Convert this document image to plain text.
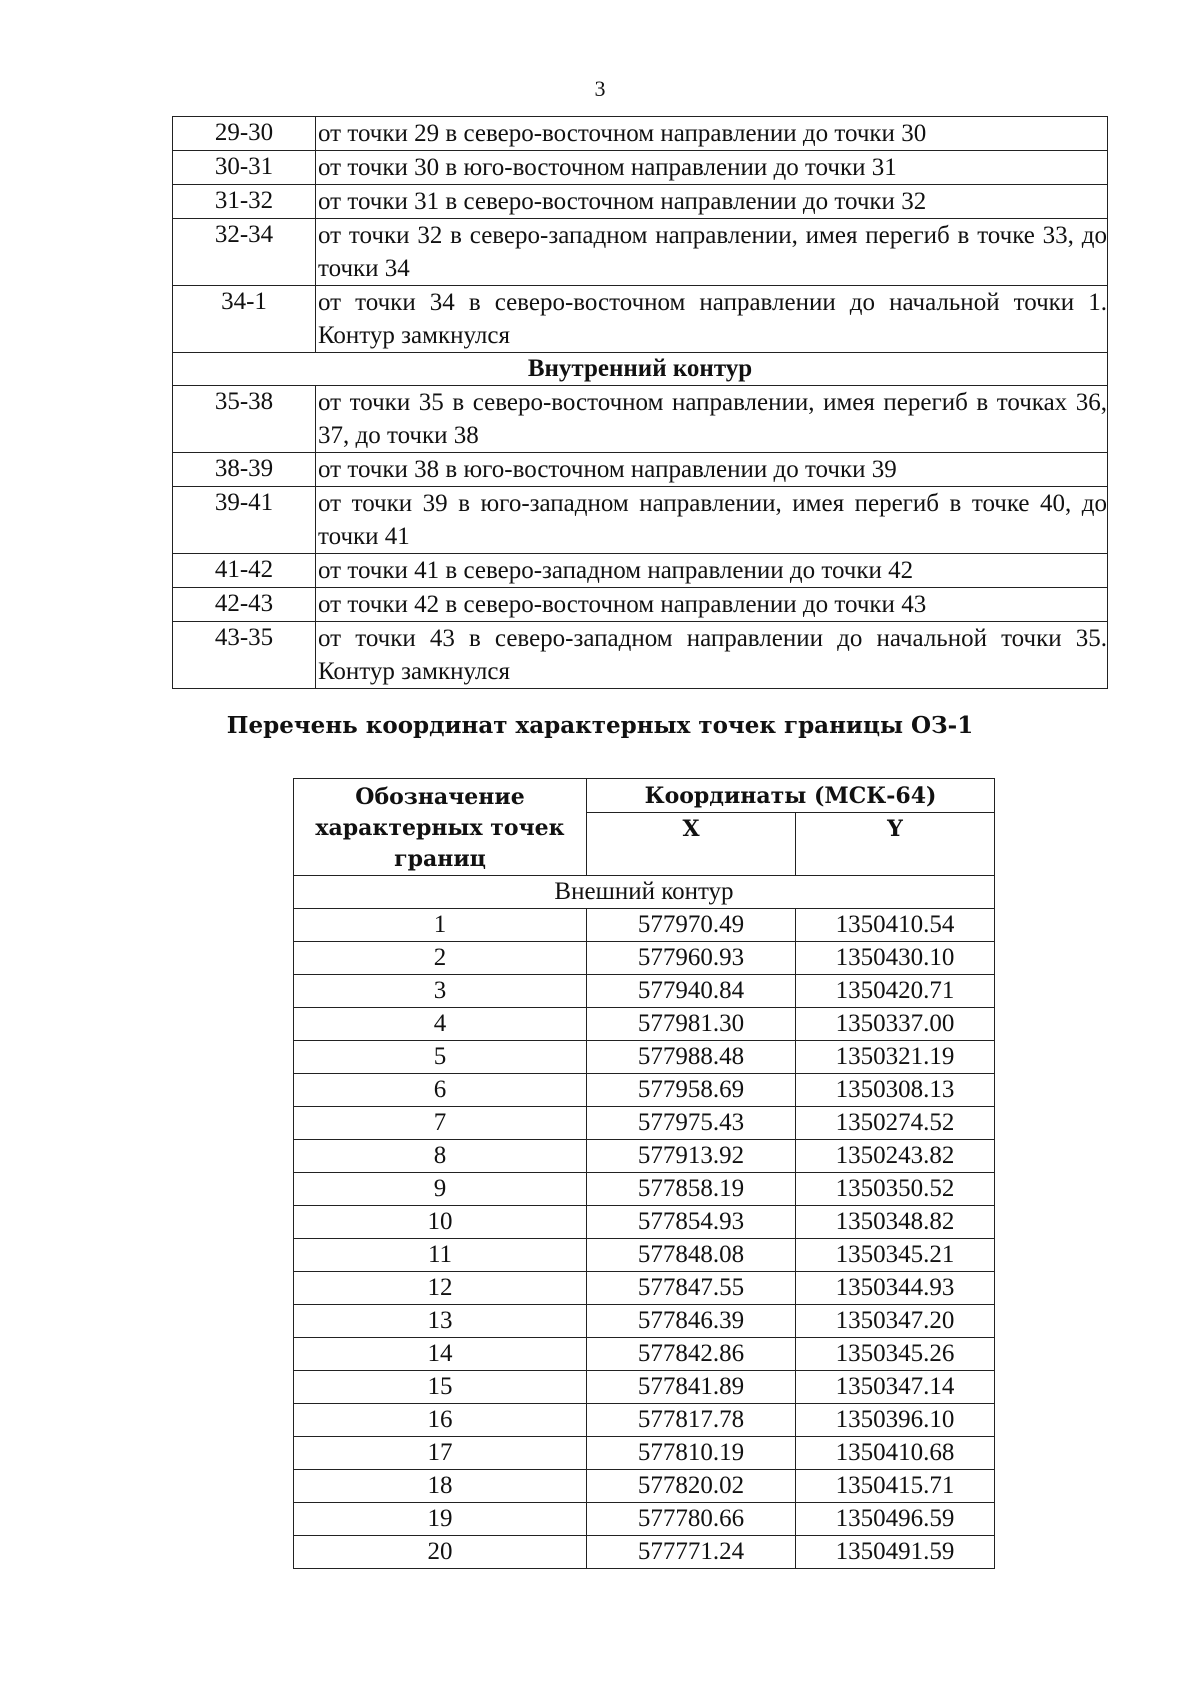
3
29-30	от точки 29 в северо-восточном направлении до точки 30
30-31	от точки 30 в юго-восточном направлении до точки 31
31-32	от точки 31 в северо-восточном направлении до точки 32
32-34	от точки 32 в северо-западном направлении, имея перегиб в точке 33, до точки 34
34-1	от точки 34 в северо-восточном направлении до начальной точки 1. Контур замкнулся
Внутренний контур	
35-38	от точки 35 в северо-восточном направлении, имея перегиб в точках 36, 37, до точки 38
38-39	от точки 38 в юго-восточном направлении до точки 39
39-41	от точки 39 в юго-западном направлении, имея перегиб в точке 40, до точки 41
41-42	от точки 41 в северо-западном направлении до точки 42
42-43	от точки 42 в северо-восточном направлении до точки 43
43-35	от точки 43 в северо-западном направлении до начальной точки 35. Контур замкнулся
Перечень координат характерных точек границы ОЗ-1
Обозначение характерных точек границ	Координаты (МСК-64)	
	X	Y
Внешний контур		
1	577970.49	1350410.54
2	577960.93	1350430.10
3	577940.84	1350420.71
4	577981.30	1350337.00
5	577988.48	1350321.19
6	577958.69	1350308.13
7	577975.43	1350274.52
8	577913.92	1350243.82
9	577858.19	1350350.52
10	577854.93	1350348.82
11	577848.08	1350345.21
12	577847.55	1350344.93
13	577846.39	1350347.20
14	577842.86	1350345.26
15	577841.89	1350347.14
16	577817.78	1350396.10
17	577810.19	1350410.68
18	577820.02	1350415.71
19	577780.66	1350496.59
20	577771.24	1350491.59
